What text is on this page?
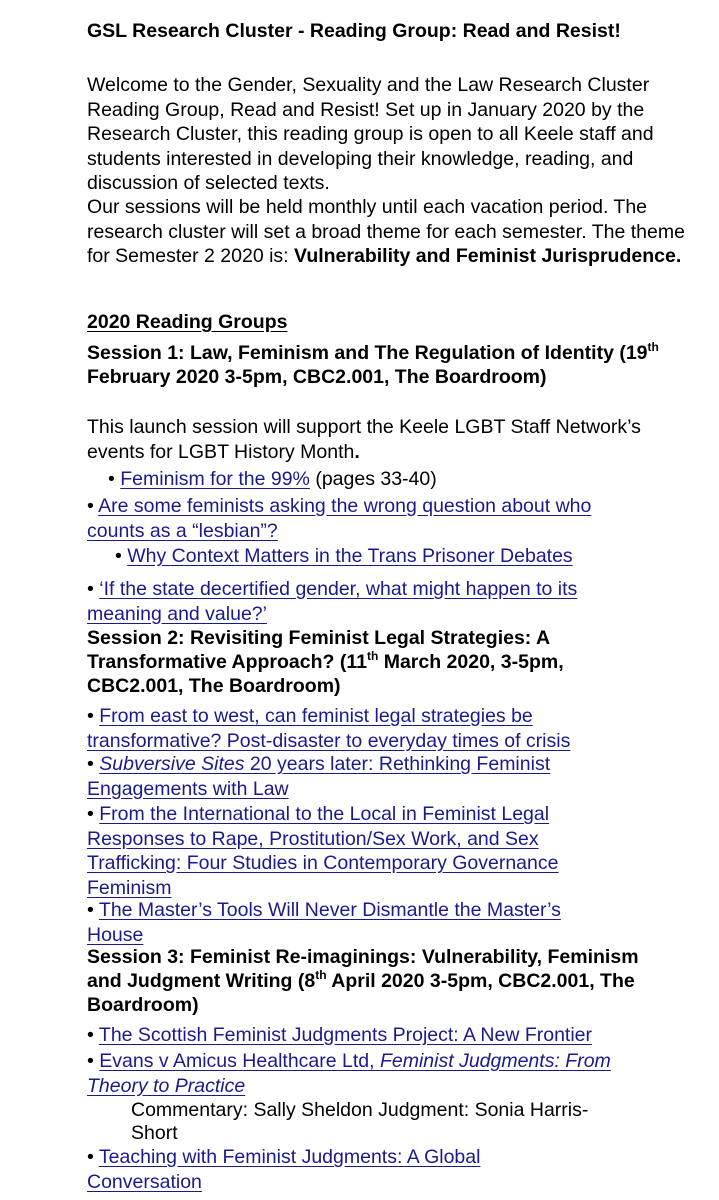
GSL Research Cluster - Reading Group: Read and Resist!

Welcome to the Gender, Sexuality and the Law Research Cluster Reading Group, Read and Resist! Set up in January 2020 by the Research Cluster, this reading group is open to all Keele staff and students interested in developing their knowledge, reading, and discussion of selected texts.

Our sessions will be held monthly until each vacation period. The research cluster will set a broad theme for each semester. The theme for Semester 2 2020 is: Vulnerability and Feminist Jurisprudence.

2020 Reading Groups
Session 1: Law, Feminism and The Regulation of Identity (19th February 2020 3-5pm, CBC2.001, The Boardroom)
This launch session will support the Keele LGBT Staff Network’s events for LGBT History Month.
• Feminism for the 99% (pages 33-40)
• Are some feminists asking the wrong question about who counts as a “lesbian”?
• Why Context Matters in the Trans Prisoner Debates
• ‘If the state decertified gender, what might happen to its meaning and value?’
Session 2: Revisiting Feminist Legal Strategies: A Transformative Approach? (11th March 2020, 3-5pm, CBC2.001, The Boardroom)
• From east to west, can feminist legal strategies be transformative? Post-disaster to everyday times of crisis
• Subversive Sites 20 years later: Rethinking Feminist Engagements with Law
• From the International to the Local in Feminist Legal Responses to Rape, Prostitution/Sex Work, and Sex Trafficking: Four Studies in Contemporary Governance Feminism
• The Master’s Tools Will Never Dismantle the Master’s House
Session 3: Feminist Re-imaginings: Vulnerability, Feminism and Judgment Writing (8th April 2020 3-5pm, CBC2.001, The Boardroom)
• The Scottish Feminist Judgments Project: A New Frontier
• Evans v Amicus Healthcare Ltd, Feminist Judgments: From Theory to Practice
Commentary: Sally Sheldon Judgment: Sonia Harris-Short
• Teaching with Feminist Judgments: A Global Conversation
